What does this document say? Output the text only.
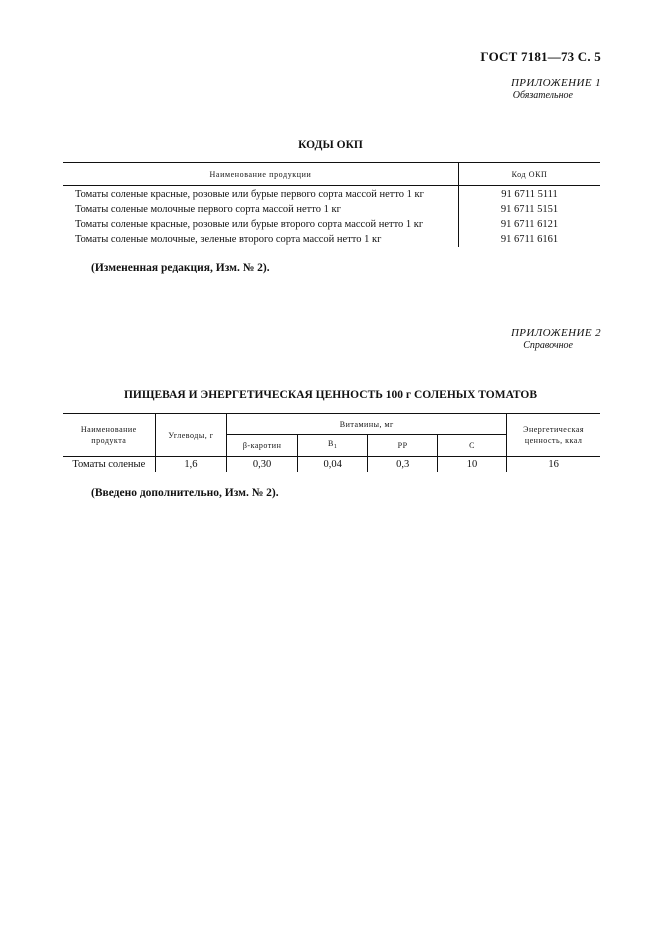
ГОСТ 7181—73 С. 5
ПРИЛОЖЕНИЕ 1
Обязательное
КОДЫ ОКП
Наименование продукции	Код ОКП
Томаты соленые красные, розовые или бурые первого сорта массой нетто 1 кг	91 6711 5111
Томаты соленые молочные первого сорта массой нетто 1 кг	91 6711 5151
Томаты соленые красные, розовые или бурые второго сорта массой нетто 1 кг	91 6711 6121
Томаты соленые молочные, зеленые второго сорта массой нетто 1 кг	91 6711 6161
(Измененная редакция, Изм. № 2).
ПРИЛОЖЕНИЕ 2
Справочное
ПИЩЕВАЯ И ЭНЕРГЕТИЧЕСКАЯ ЦЕННОСТЬ 100 г СОЛЕНЫХ ТОМАТОВ
Наименование продукта	Углеводы, г	Витамины, мг				Энергетическая ценность, ккал
		β-каротин	$B_1$	PP	C	
Томаты соленые	1,6	0,30	0,04	0,3	10	16
(Введено дополнительно, Изм. № 2).
